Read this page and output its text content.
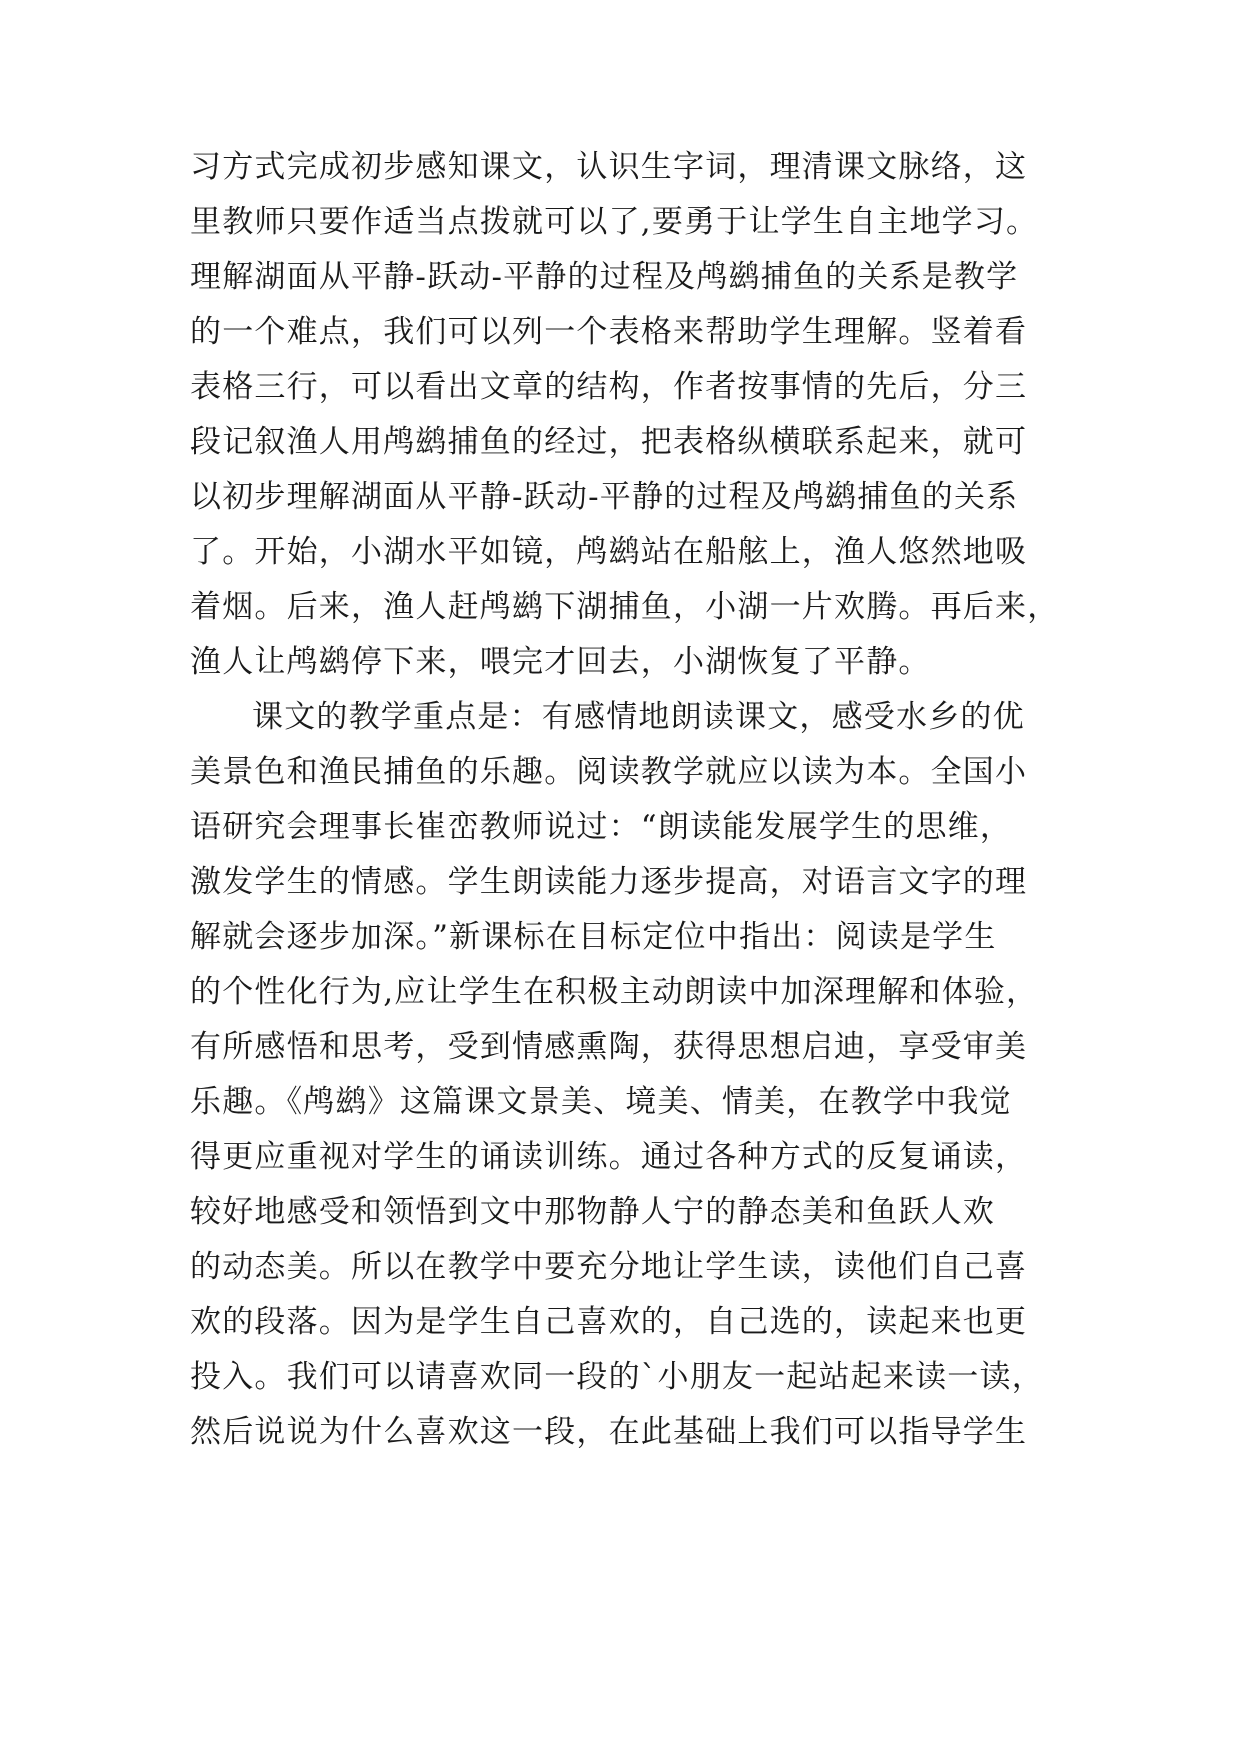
习方式完成初步感知课文，认识生字词，理清课文脉络，这
里教师只要作适当点拨就可以了,要勇于让学生自主地学习。
理解湖面从平静-跃动-平静的过程及鸬鹚捕鱼的关系是教学
的一个难点，我们可以列一个表格来帮助学生理解。竖着看
表格三行，可以看出文章的结构，作者按事情的先后，分三
段记叙渔人用鸬鹚捕鱼的经过，把表格纵横联系起来，就可
以初步理解湖面从平静-跃动-平静的过程及鸬鹚捕鱼的关系
了。开始，小湖水平如镜，鸬鹚站在船舷上，渔人悠然地吸
着烟。后来，渔人赶鸬鹚下湖捕鱼，小湖一片欢腾。再后来，
渔人让鸬鹚停下来，喂完才回去，小湖恢复了平静。
课文的教学重点是：有感情地朗读课文，感受水乡的优
美景色和渔民捕鱼的乐趣。阅读教学就应以读为本。全国小
语研究会理事长崔峦教师说过：“朗读能发展学生的思维，
激发学生的情感。学生朗读能力逐步提高，对语言文字的理
解就会逐步加深。”新课标在目标定位中指出：阅读是学生
的个性化行为,应让学生在积极主动朗读中加深理解和体验，
有所感悟和思考，受到情感熏陶，获得思想启迪，享受审美
乐趣。《鸬鹚》这篇课文景美、境美、情美，在教学中我觉
得更应重视对学生的诵读训练。通过各种方式的反复诵读，
较好地感受和领悟到文中那物静人宁的静态美和鱼跃人欢
的动态美。所以在教学中要充分地让学生读，读他们自己喜
欢的段落。因为是学生自己喜欢的，自己选的，读起来也更
投入。我们可以请喜欢同一段的`小朋友一起站起来读一读，
然后说说为什么喜欢这一段，在此基础上我们可以指导学生
